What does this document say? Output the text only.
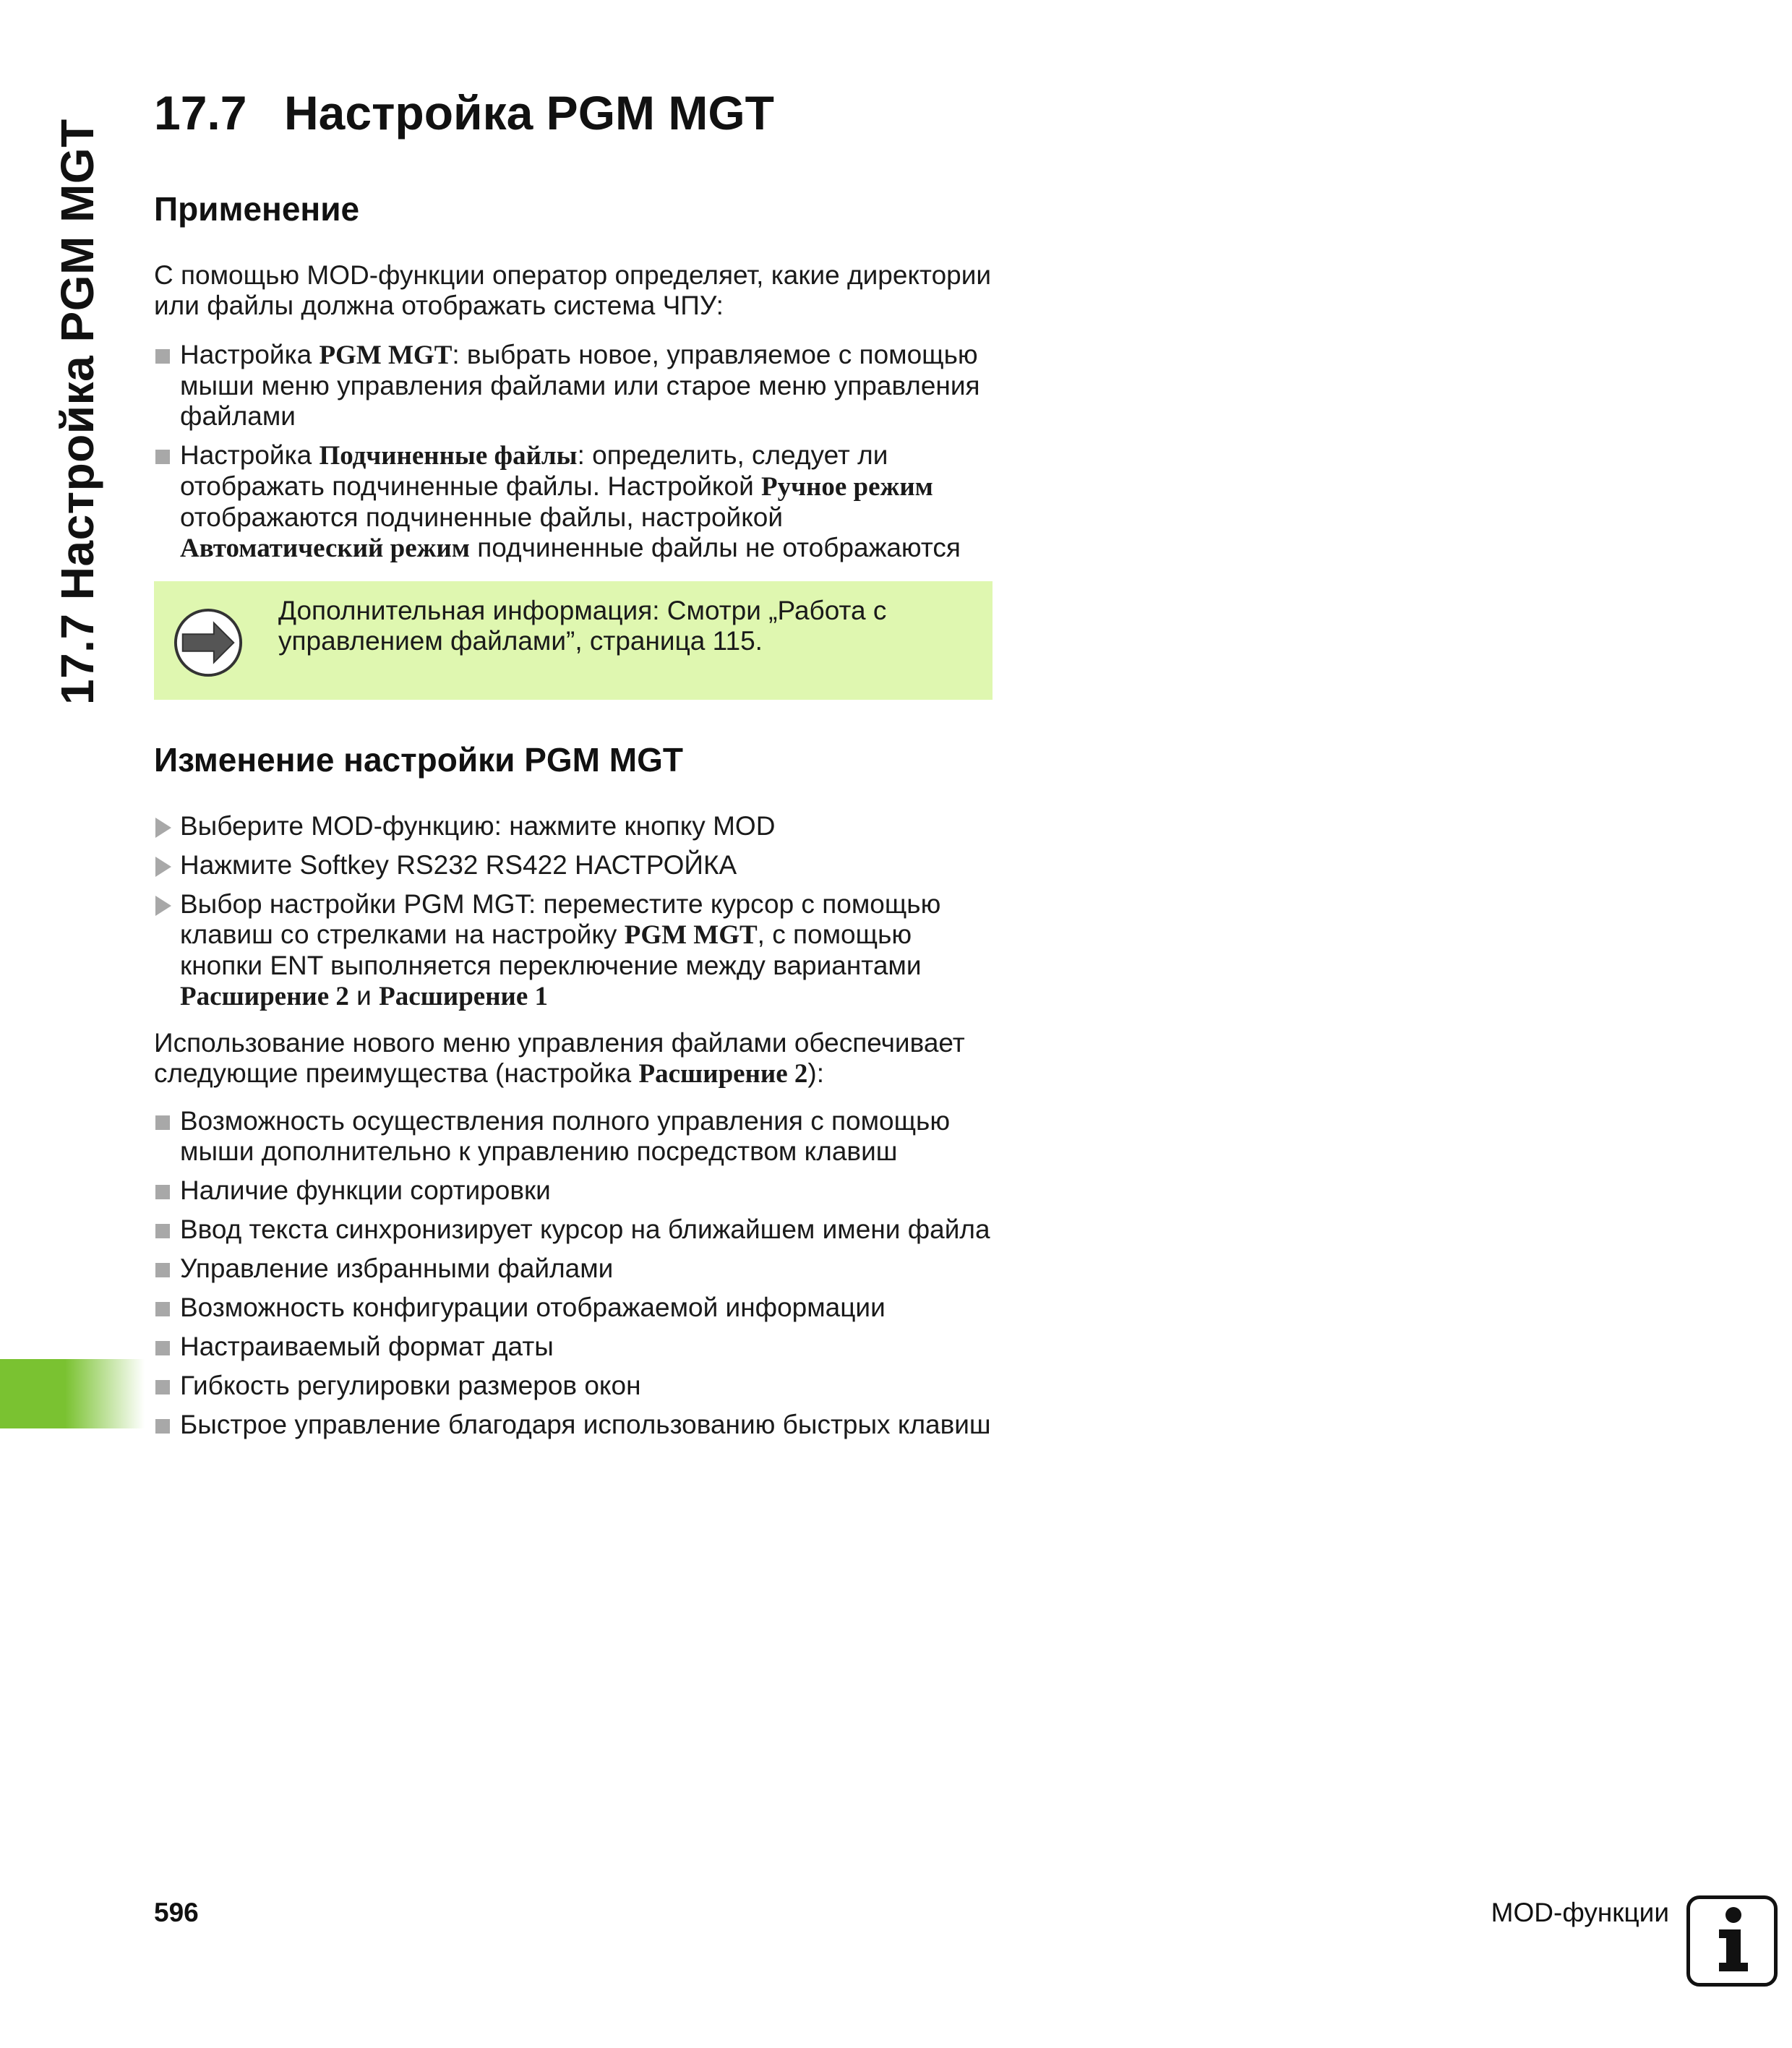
17.7 Настройка PGM MGT
17.7 Настройка PGM MGT
Применение

С помощью MOD-функции оператор определяет, какие директории или файлы должна отображать система ЧПУ:

Настройка PGM MGT: выбрать новое, управляемое с помощью мыши меню управления файлами или старое меню управления файлами
Настройка Подчиненные файлы: определить, следует ли отображать подчиненные файлы. Настройкой Ручное режим отображаются подчиненные файлы, настройкой Автоматический режим подчиненные файлы не отображаются

Дополнительная информация: Смотри „Работа с управлением файлами”, страница 115.

Изменение настройки PGM MGT
Выберите MOD-функцию: нажмите кнопку MOD
Нажмите Softkey RS232 RS422 НАСТРОЙКА
Выбор настройки PGM MGT: переместите курсор с помощью клавиш со стрелками на настройку PGM MGT, с помощью кнопки ENT выполняется переключение между вариантами Расширение 2 и Расширение 1

Использование нового меню управления файлами обеспечивает следующие преимущества (настройка Расширение 2):

Возможность осуществления полного управления с помощью мыши дополнительно к управлению посредством клавиш
Наличие функции сортировки
Ввод текста синхронизирует курсор на ближайшем имени файла
Управление избранными файлами
Возможность конфигурации отображаемой информации
Настраиваемый формат даты
Гибкость регулировки размеров окон
Быстрое управление благодаря использованию быстрых клавиш
596	MOD-функции
